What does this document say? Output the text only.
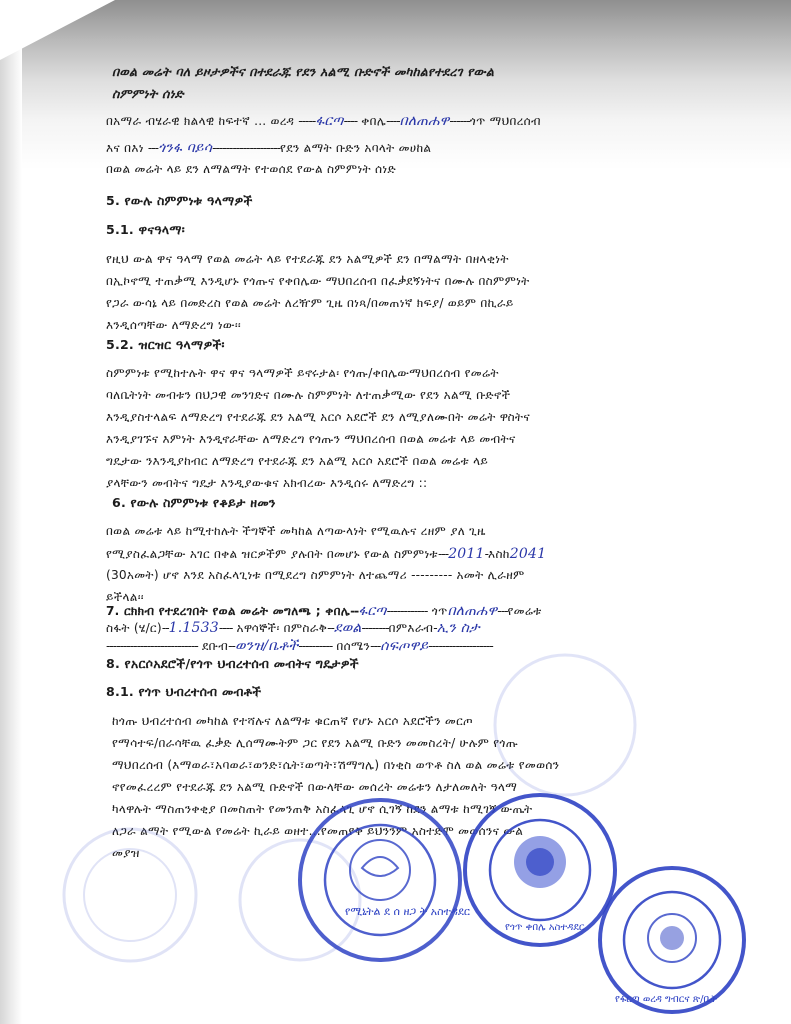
በወል መሬት ባለ ይዞታዎችና በተደራጁ የደን አልሚ ቡድኖች መካከልየተደረገ የውል
ስምምነት ሰነድ
በአማራ ብሄራዊ ክልላዊ ከፍተኛ ... ወረዳ -----ፋርጣ---- ቀበሌ----በለጠሐዋ------ጎጥ ማህበረሰብ
እና በእነ ---ጎንፋ ባይሳ--------------------የደን ልማት ቡድን አባላት መሀከል
በወል መሬት ላይ ደን ለማልማት የተወሰደ የውል ስምምነት ሰነድ
5. የውሉ ስምምነቱ ዓላማዎች
5.1. ዋናዓላማ፡
የዚህ ውል ዋና ዓላማ የወል መሬት ላይ የተደራጁ ደን አልሚዎች ደን በማልማት በዘላቂነት
በኢኮኖሚ ተጠቃሚ እንዲሆኑ የጎጡና የቀበሌው ማህበረሰብ በፈቃደኝነትና በሙሉ በስምምነት
የጋራ ውሳኔ ላይ በመድረስ የወል መሬት ለረዥም ጊዜ በነጻ/በመጠነኛ ክፍያ/ ወይም በኪራይ
እንዲሰጣቸው ለማድረግ ነው፡፡
5.2. ዝርዝር ዓላማዎች፡
ስምምነቱ የሚከተሉት ዋና ዋና ዓላማዎች ይኖሩታል፡ የጎጡ/ቀበሌውማህበረሰብ የመሬት
ባለቤትነት መብቱን በህጋዊ መንገድና በሙሉ ስምምነት ለተጠቃሚው የደን አልሚ ቡድኖች
እንዲያስተላልፍ ለማድረግ የተደራጁ ደን አልሚ አርሶ አደሮች ደን ለሚያለሙበት መሬት ዋስትና
እንዲያገኙና እምነት እንዲኖራቸው ለማድረግ የጎጡን ማህበረሰብ በወል መሬቱ ላይ መብትና
ግዴታው ንእንዲያከብር ለማድረግ የተደራጁ ደን አልሚ አርሶ አደሮች በወል መሬቱ ላይ
ያላቸውን መብትና ግዴታ እንዲያውቁና አክብረው እንዲሰሩ ለማድረግ ::
6. የውሉ ስምምነቱ የቆይታ ዘመን
በወል መሬቱ ላይ ከሚተከሉት ችግኞች መካከል ለጣውላነት የሚዉሉና ረዘም ያለ ጊዜ
የሚያስፈልጋቸው አገር በቀል ዝርዎችም ያሉበት በመሆኑ የውል ስምምነቱ---2011-እስከ2041
(30አመት) ሆኖ እንደ አስፈላጊነቱ በሚደረግ ስምምነት ለተጨማሪ --------- አመት ሊራዘም
ይችላል፡፡
7. ርክክብ የተደረገበት የወል መሬት መግለጫ ; ቀበሌ--ፋርጣ------------ ጎጥበለጠሐዋ---የመሬቱ
ስፋት (ሄ/ር)--1.1533---- አዋሳኞች፡ በምስራቅ--ደወል--------በምእራብ-ኢን ስታ
--------------------------- ደቡብ--ወንዝ/ቤቶች---------- በሰሜን---ሰፍጦዋይ-------------------
8. የአርሶአደሮች/የጎጥ ህብረተሰብ መብትና ግዴታዎች
8.1. የጎጥ ህብረተሰብ መብቶች
ከጎጡ ህብረተሰብ መካከል የተሻሉና ለልማቱ ቁርጠኛ የሆኑ አርሶ አደሮችን መርጦ
የማሳተፍ/በራሳቸዉ ፈቃድ ሊሰማሙትም ጋር የደን አልሚ ቡድን መመስረት/ ሁሉም የጎጡ
ማህበረሰብ (እማወራ፣አባወራ፣ወንድ፣ሴት፣ወጣት፣ሽማግሌ) በነቂስ ወጥቶ ስለ ወል መሬቱ የመወሰን
ኖየመፈረረም የተደራጁ ደን አልሚ ቡድኖች በውላቸው መሰረት መሬቱን ለታለመለት ዓላማ
ካላዋሉት ማስጠንቀቂያ በመስጠት የመንጠቅ አስፈላጊ ሆኖ ሲገኝ ከደን ልማቱ ከሚገኝ ውጤት
ለጋራ ልማት የሚውል የመሬት ኪራይ ወዘተ...የመጠየቅ ይህንንም አስተድሞ መወሰንና ውል
መያዝ
የሚኒትል ደ ሰ ዘጋ ት አስተዳደር
የጎጥ ቀበሌ አስተዳደር
የፋርጣ ወረዳ ግብርና ጽ/ቤት
